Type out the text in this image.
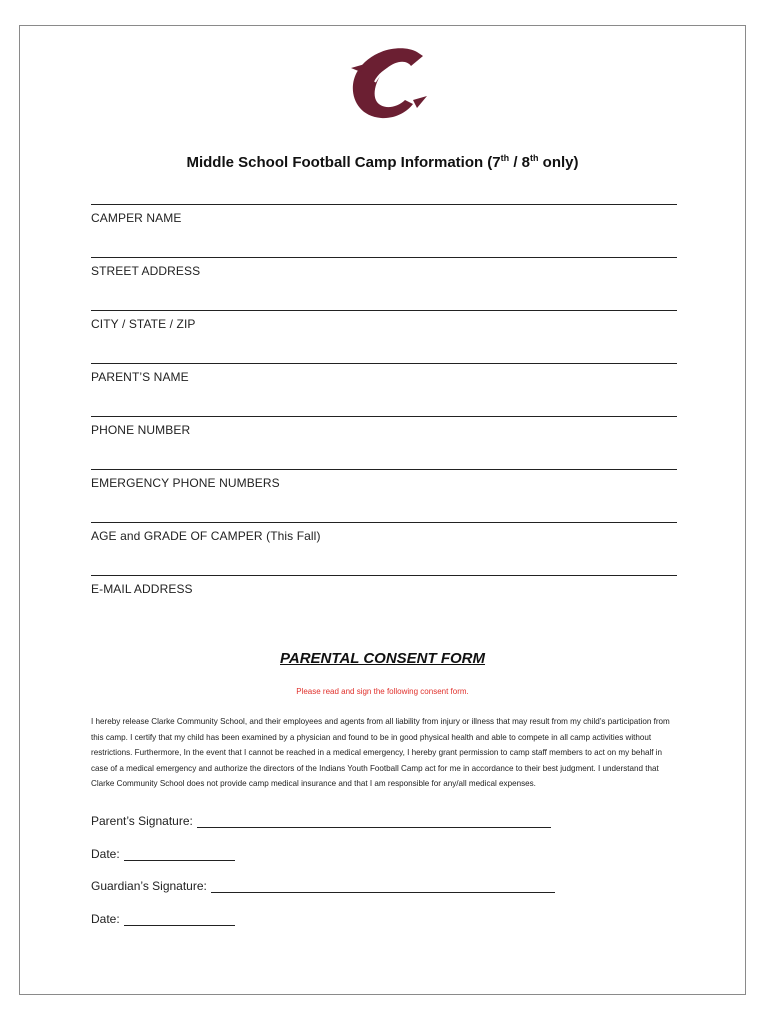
Middle School Football Camp Information (7th / 8th only)
CAMPER NAME
STREET ADDRESS
CITY / STATE / ZIP
PARENT’S NAME
PHONE NUMBER
EMERGENCY PHONE NUMBERS
AGE and GRADE OF CAMPER (This Fall)
E-MAIL ADDRESS
PARENTAL CONSENT FORM
Please read and sign the following consent form.
I hereby release Clarke Community School, and their employees and agents from all liability from injury or illness that may result from my child’s participation from this camp. I certify that my child has been examined by a physician and found to be in good physical health and able to compete in all camp activities without restrictions. Furthermore, In the event that I cannot be reached in a medical emergency, I hereby grant permission to camp staff members to act on my behalf in case of a medical emergency and authorize the directors of the Indians Youth Football Camp act for me in accordance to their best judgment. I understand that Clarke Community School does not provide camp medical insurance and that I am responsible for any/all medical expenses.
Parent’s Signature:
Date:
Guardian’s Signature:
Date:
